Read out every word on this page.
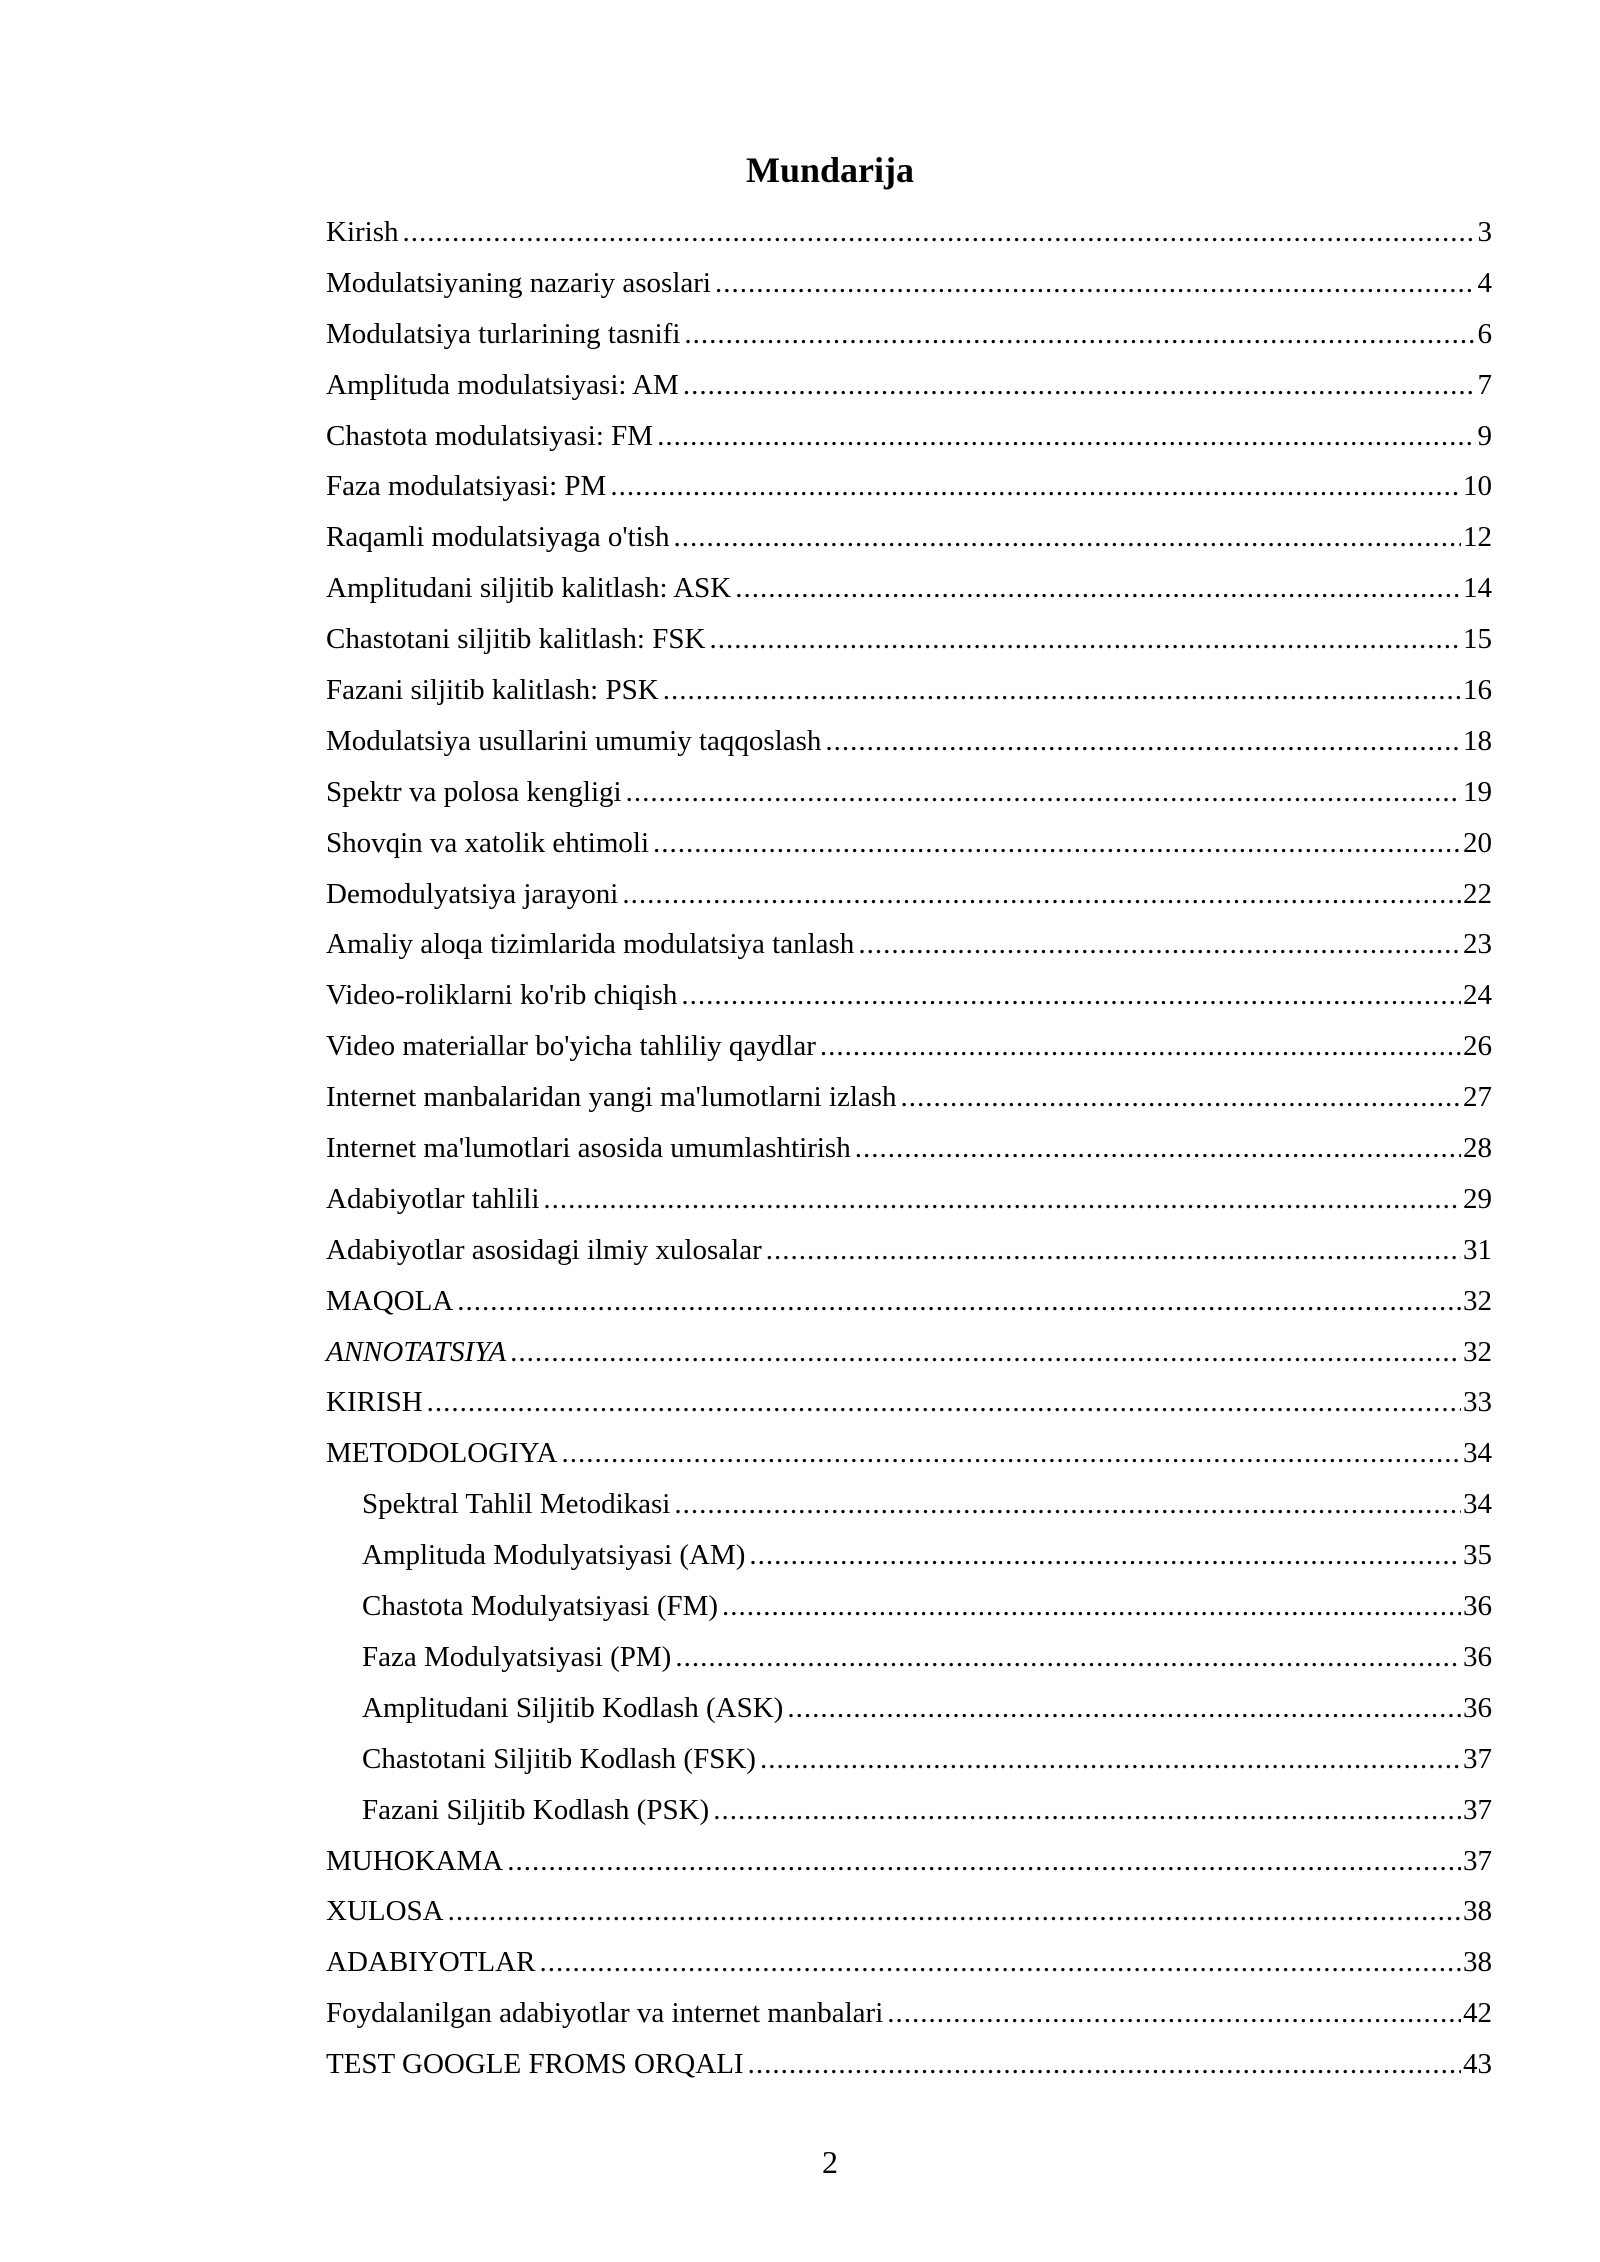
Mundarija
Kirish .....	3
Modulatsiyaning nazariy asoslari .....	4
Modulatsiya turlarining tasnifi .....	6
Amplituda modulatsiyasi: AM .....	7
Chastota modulatsiyasi: FM .....	9
Faza modulatsiyasi: PM .....	10
Raqamli modulatsiyaga o'tish .....	12
Amplitudani siljitib kalitlash: ASK .....	14
Chastotani siljitib kalitlash: FSK .....	15
Fazani siljitib kalitlash: PSK .....	16
Modulatsiya usullarini umumiy taqqoslash .....	18
Spektr va polosa kengligi .....	19
Shovqin va xatolik ehtimoli .....	20
Demodulyatsiya jarayoni .....	22
Amaliy aloqa tizimlarida modulatsiya tanlash .....	23
Video-roliklarni ko'rib chiqish .....	24
Video materiallar bo'yicha tahliliy qaydlar .....	26
Internet manbalaridan yangi ma'lumotlarni izlash .....	27
Internet ma'lumotlari asosida umumlashtirish .....	28
Adabiyotlar tahlili .....	29
Adabiyotlar asosidagi ilmiy xulosalar .....	31
MAQOLA .....	32
ANNOTATSIYA .....	32
KIRISH .....	33
METODOLOGIYA .....	34
Spektral Tahlil Metodikasi .....	34
Amplituda Modulyatsiyasi (AM) .....	35
Chastota Modulyatsiyasi (FM) .....	36
Faza Modulyatsiyasi (PM) .....	36
Amplitudani Siljitib Kodlash (ASK) .....	36
Chastotani Siljitib Kodlash (FSK) .....	37
Fazani Siljitib Kodlash (PSK) .....	37
MUHOKAMA .....	37
XULOSA .....	38
ADABIYOTLAR .....	38
Foydalanilgan adabiyotlar va internet manbalari .....	42
TEST GOOGLE FROMS ORQALI .....	43
2
